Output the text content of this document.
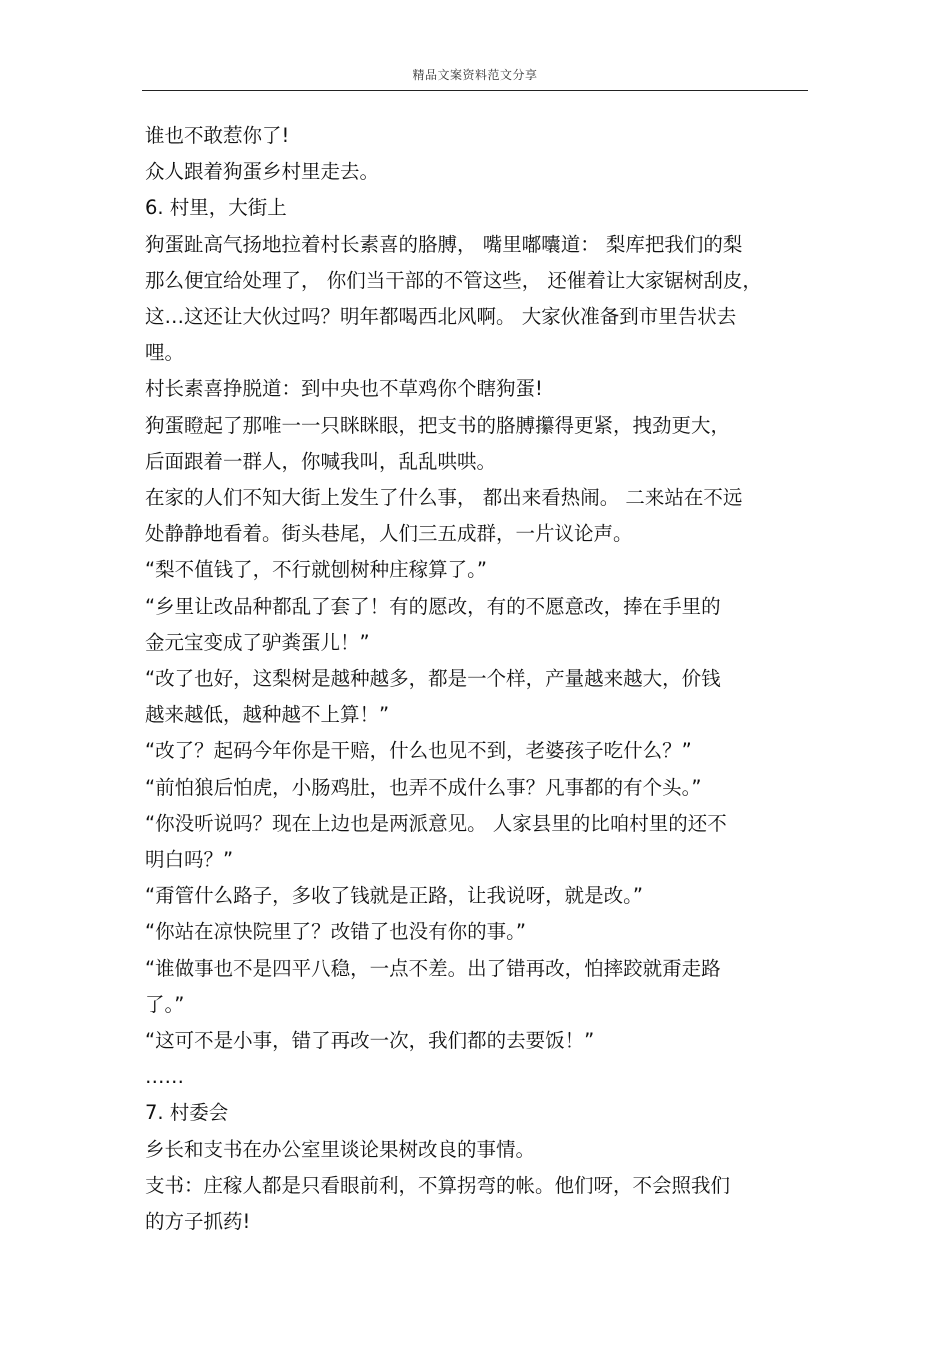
精品文案资料范文分享
谁也不敢惹你了!
众人跟着狗蛋乡村里走去。
6. 村里，大街上
狗蛋趾高气扬地拉着村长素喜的胳膊， 嘴里嘟囔道： 梨库把我们的梨
那么便宜给处理了， 你们当干部的不管这些， 还催着让大家锯树刮皮，
这…这还让大伙过吗？明年都喝西北风啊。 大家伙准备到市里告状去
哩。
村长素喜挣脱道：到中央也不草鸡你个瞎狗蛋!
狗蛋瞪起了那唯一一只眯眯眼，把支书的胳膊攥得更紧，拽劲更大，
后面跟着一群人，你喊我叫，乱乱哄哄。
在家的人们不知大街上发生了什么事， 都出来看热闹。 二来站在不远
处静静地看着。街头巷尾，人们三五成群，一片议论声。
“梨不值钱了，不行就刨树种庄稼算了。”
“乡里让改品种都乱了套了！有的愿改，有的不愿意改，捧在手里的
金元宝变成了驴粪蛋儿！”
“改了也好，这梨树是越种越多，都是一个样，产量越来越大，价钱
越来越低，越种越不上算！”
“改了？起码今年你是干赔，什么也见不到，老婆孩子吃什么？”
“前怕狼后怕虎，小肠鸡肚，也弄不成什么事？凡事都的有个头。”
“你没听说吗？现在上边也是两派意见。 人家县里的比咱村里的还不
明白吗？”
“甭管什么路子，多收了钱就是正路，让我说呀，就是改。”
“你站在凉快院里了？改错了也没有你的事。”
“谁做事也不是四平八稳，一点不差。出了错再改，怕摔跤就甭走路
了。”
“这可不是小事，错了再改一次，我们都的去要饭！”
……
7. 村委会
乡长和支书在办公室里谈论果树改良的事情。
支书：庄稼人都是只看眼前利，不算拐弯的帐。他们呀，不会照我们
的方子抓药!
